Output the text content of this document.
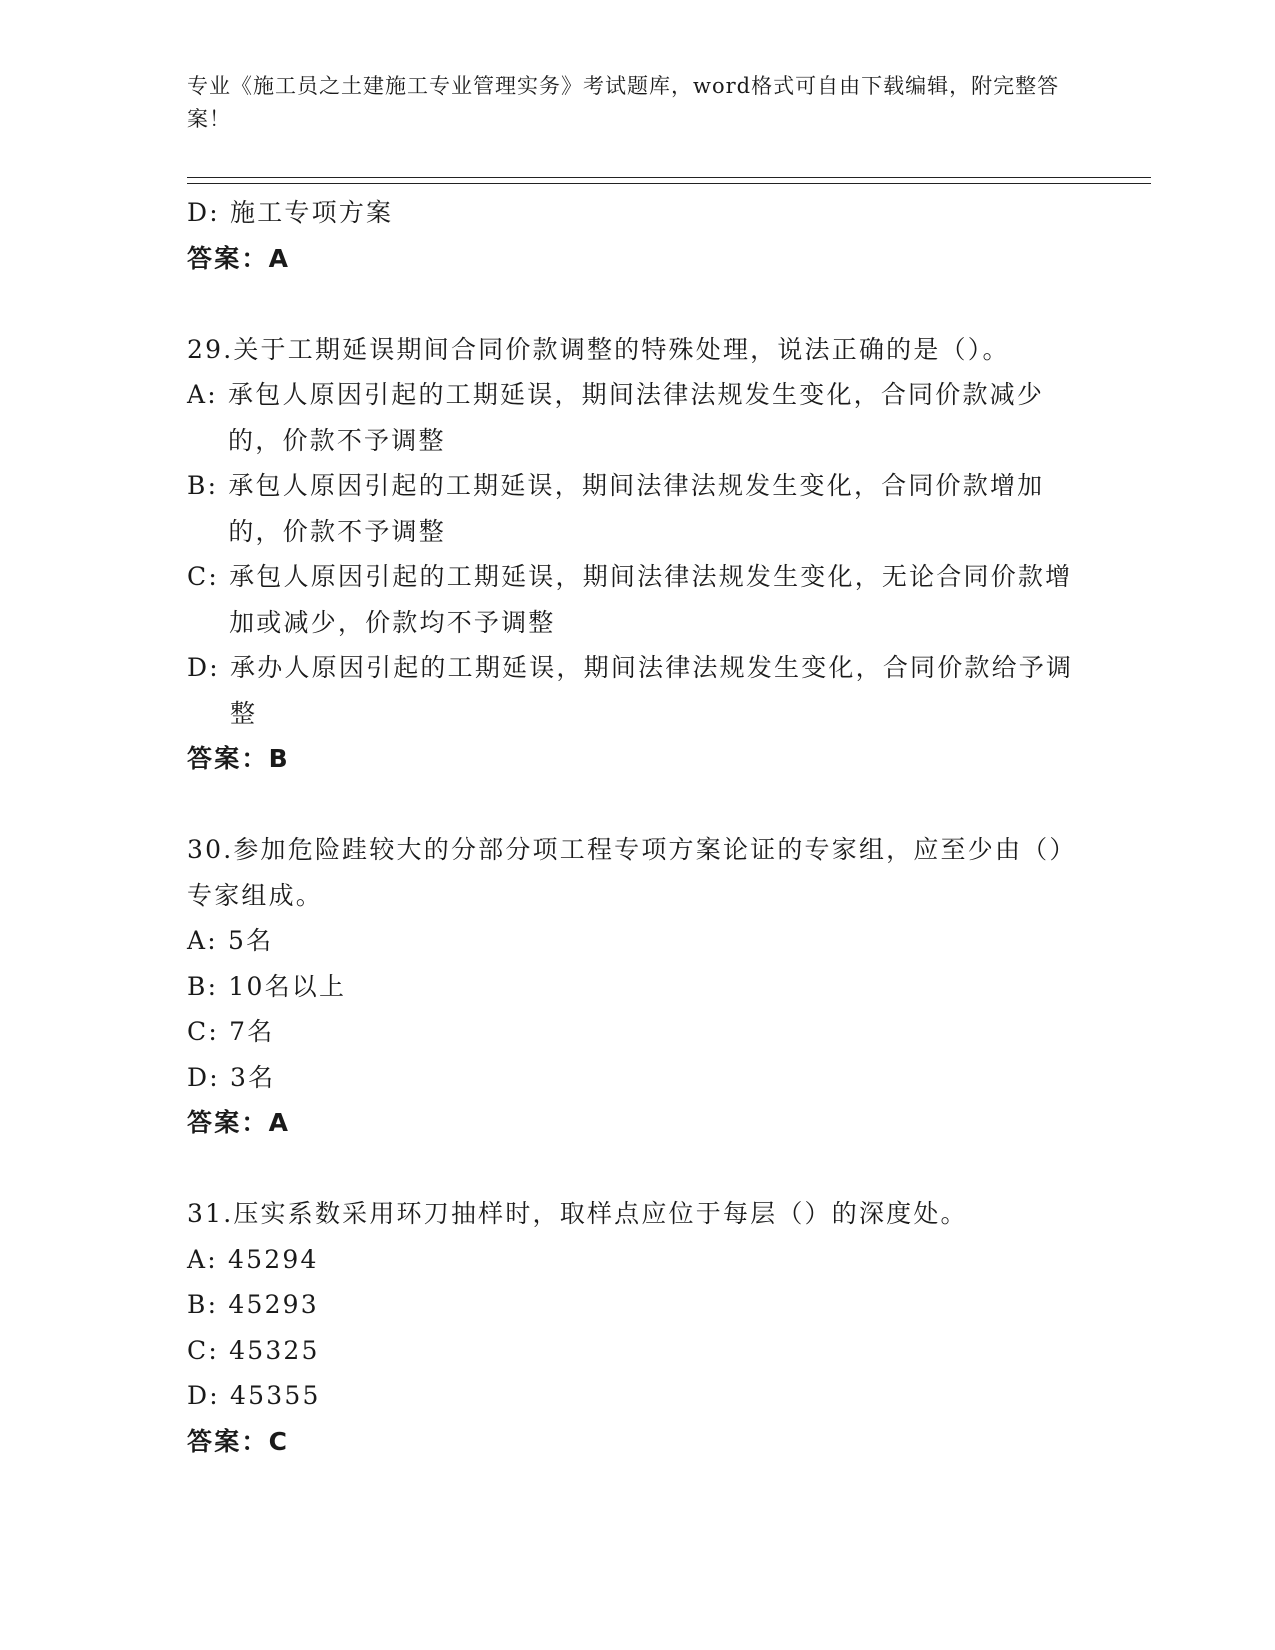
专业《施工员之土建施工专业管理实务》考试题库，word格式可自由下载编辑，附完整答案！
D:
施工专项方案
答案：A
29.关于工期延误期间合同价款调整的特殊处理，说法正确的是（）。
A:
承包人原因引起的工期延误，期间法律法规发生变化，合同价款减少的，价款不予调整
B:
承包人原因引起的工期延误，期间法律法规发生变化，合同价款增加的，价款不予调整
C:
承包人原因引起的工期延误，期间法律法规发生变化，无论合同价款增加或减少，价款均不予调整
D:
承办人原因引起的工期延误，期间法律法规发生变化，合同价款给予调整
答案：B
30.参加危险跬较大的分部分项工程专项方案论证的专家组，应至少由（）专家组成。
A:
5名
B:
10名以上
C:
7名
D:
3名
答案：A
31.压实系数采用环刀抽样时，取样点应位于每层（）的深度处。
A:
45294
B:
45293
C:
45325
D:
45355
答案：C
